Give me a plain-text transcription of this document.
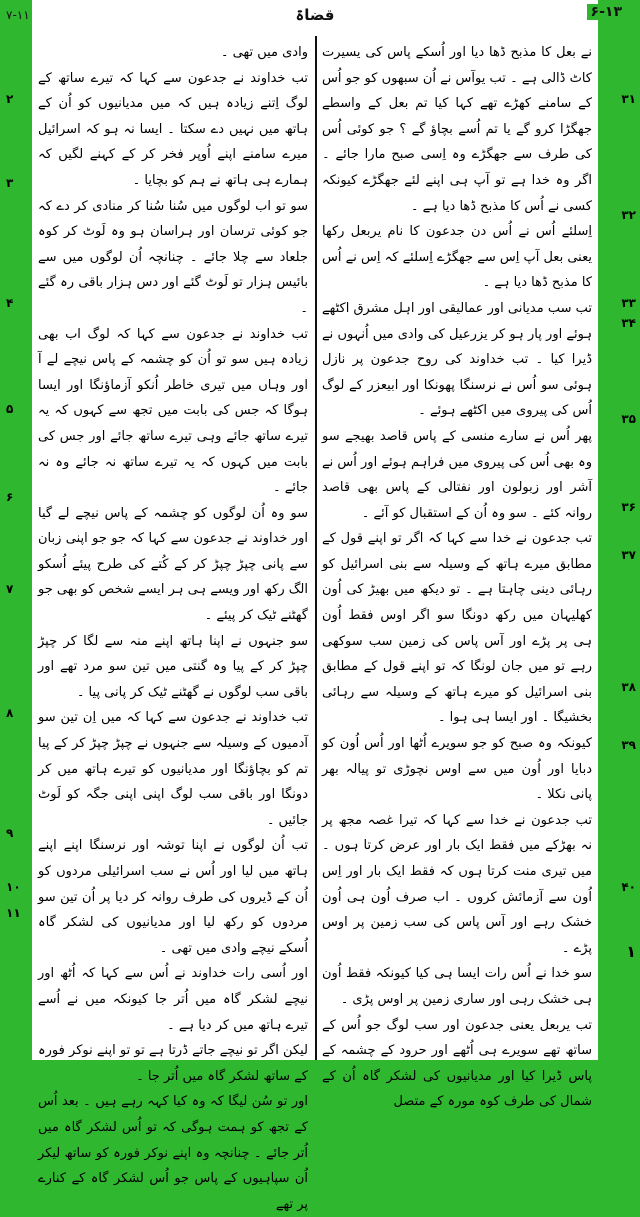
۳۱
۳۲
۳۳
۳۴
۳۵
۳۶
۳۷
۳۸
۳۹
۴۰
۱
۲
۳
۴
۵
۶
۷
۸
۹
۱۰
۱۱
۶-۱۳
قضاۃ
۷-۱۱

نے بعل کا مذبح ڈھا دیا اور اُسکے پاس کی یسیرت کاٹ ڈالی ہے ۔ تب یوآس نے اُن سبھوں کو جو اُس کے سامنے کھڑے تھے کہا کیا تم بعل کے واسطے جھگڑا کرو گے یا تم اُسے بچاؤ گے ؟ جو کوئی اُس کی طرف سے جھگڑے وہ اِسی صبح مارا جائے ۔ اگر وہ خدا ہے تو آپ ہی اپنے لئے جھگڑے کیونکہ کسی نے اُس کا مذبح ڈھا دیا ہے ۔

اِسلئے اُس نے اُس دن جدعون کا نام یربعل رکھا یعنی بعل آپ اِس سے جھگڑے اِسلئے کہ اِس نے اُس کا مذبح ڈھا دیا ہے ۔

تب سب مدیانی اور عمالیقی اور اہل مشرق اکٹھے ہوئے اور پار ہو کر یزرعیل کی وادی میں اُنہوں نے ڈیرا کیا ۔ تب خداوند کی روح جدعون پر نازل ہوئی سو اُس نے نرسنگا پھونکا اور ابیعزر کے لوگ اُس کی پیروی میں اکٹھے ہوئے ۔

پھر اُس نے سارے منسی کے پاس قاصد بھیجے سو وہ بھی اُس کی پیروی میں فراہم ہوئے اور اُس نے آشر اور زبولون اور نفتالی کے پاس بھی قاصد روانہ کئے ۔ سو وہ اُن کے استقبال کو آئے ۔

تب جدعون نے خدا سے کہا کہ اگر تو اپنے قول کے مطابق میرے ہاتھ کے وسیلہ سے بنی اسرائیل کو رہائی دینی چاہتا ہے ۔ تو دیکھ میں بھیڑ کی اُون کھلیہان میں رکھ دونگا سو اگر اوس فقط اُون ہی پر پڑے اور آس پاس کی زمین سب سوکھی رہے تو میں جان لونگا کہ تو اپنے قول کے مطابق بنی اسرائیل کو میرے ہاتھ کے وسیلہ سے رہائی بخشیگا ۔ اور ایسا ہی ہوا ۔

کیونکہ وہ صبح کو جو سویرے اُٹھا اور اُس اُون کو دبایا اور اُون میں سے اوس نچوڑی تو پیالہ بھر پانی نکلا ۔

تب جدعون نے خدا سے کہا کہ تیرا غصہ مجھ پر نہ بھڑکے میں فقط ایک بار اور عرض کرتا ہوں ۔ میں تیری منت کرتا ہوں کہ فقط ایک بار اور اِس اُون سے آزمائش کروں ۔ اب صرف اُون ہی اُون خشک رہے اور آس پاس کی سب زمین پر اوس پڑے ۔

سو خدا نے اُس رات ایسا ہی کیا کیونکہ فقط اُون ہی خشک رہی اور ساری زمین پر اوس پڑی ۔

تب یربعل یعنی جدعون اور سب لوگ جو اُس کے ساتھ تھے سویرے ہی اُٹھے اور حرود کے چشمہ کے پاس ڈیرا کیا اور مدیانیوں کی لشکر گاہ اُن کے شمال کی طرف کوہ مورہ کے متصل

وادی میں تھی ۔

تب خداوند نے جدعون سے کہا کہ تیرے ساتھ کے لوگ اِتنے زیادہ ہیں کہ میں مدیانیوں کو اُن کے ہاتھ میں نہیں دے سکتا ۔ ایسا نہ ہو کہ اسرائیل میرے سامنے اپنے اُوپر فخر کر کے کہنے لگیں کہ ہمارے ہی ہاتھ نے ہم کو بچایا ۔

سو تو اب لوگوں میں سُنا سُنا کر منادی کر دے کہ جو کوئی ترسان اور ہراسان ہو وہ لَوٹ کر کوہ جلعاد سے چلا جائے ۔ چنانچہ اُن لوگوں میں سے بائیس ہزار تو لَوٹ گئے اور دس ہزار باقی رہ گئے ۔

تب خداوند نے جدعون سے کہا کہ لوگ اب بھی زیادہ ہیں سو تو اُن کو چشمہ کے پاس نیچے لے آ اور وہاں میں تیری خاطر اُنکو آزماؤنگا اور ایسا ہوگا کہ جس کی بابت میں تجھ سے کہوں کہ یہ تیرے ساتھ جائے وہی تیرے ساتھ جائے اور جس کی بابت میں کہوں کہ یہ تیرے ساتھ نہ جائے وہ نہ جائے ۔

سو وہ اُن لوگوں کو چشمہ کے پاس نیچے لے گیا اور خداوند نے جدعون سے کہا کہ جو جو اپنی زبان سے پانی چپڑ چپڑ کر کے کُتے کی طرح پیئے اُسکو الگ رکھ اور ویسے ہی ہر ایسے شخص کو بھی جو گھٹنے ٹیک کر پیئے ۔

سو جنہوں نے اپنا ہاتھ اپنے منہ سے لگا کر چپڑ چپڑ کر کے پیا وہ گنتی میں تین سو مرد تھے اور باقی سب لوگوں نے گھٹنے ٹیک کر پانی پیا ۔

تب خداوند نے جدعون سے کہا کہ میں اِن تین سو آدمیوں کے وسیلہ سے جنہوں نے چپڑ چپڑ کر کے پیا تم کو بچاؤنگا اور مدیانیوں کو تیرے ہاتھ میں کر دونگا اور باقی سب لوگ اپنی اپنی جگہ کو لَوٹ جائیں ۔

تب اُن لوگوں نے اپنا توشہ اور نرسنگا اپنے اپنے ہاتھ میں لیا اور اُس نے سب اسرائیلی مردوں کو اُن کے ڈیروں کی طرف روانہ کر دیا پر اُن تین سو مردوں کو رکھ لیا اور مدیانیوں کی لشکر گاہ اُسکے نیچے وادی میں تھی ۔

اور اُسی رات خداوند نے اُس سے کہا کہ اُٹھ اور نیچے لشکر گاہ میں اُتر جا کیونکہ میں نے اُسے تیرے ہاتھ میں کر دیا ہے ۔

لیکن اگر تو نیچے جاتے ڈرتا ہے تو تو اپنے نوکر فورہ کے ساتھ لشکر گاہ میں اُتر جا ۔

اور تو سُن لیگا کہ وہ کیا کہہ رہے ہیں ۔ بعد اُس کے تجھ کو ہمت ہوگی کہ تو اُس لشکر گاہ میں اُتر جائے ۔ چنانچہ وہ اپنے نوکر فورہ کو ساتھ لیکر اُن سپاہیوں کے پاس جو اُس لشکر گاہ کے کنارے پر تھے
